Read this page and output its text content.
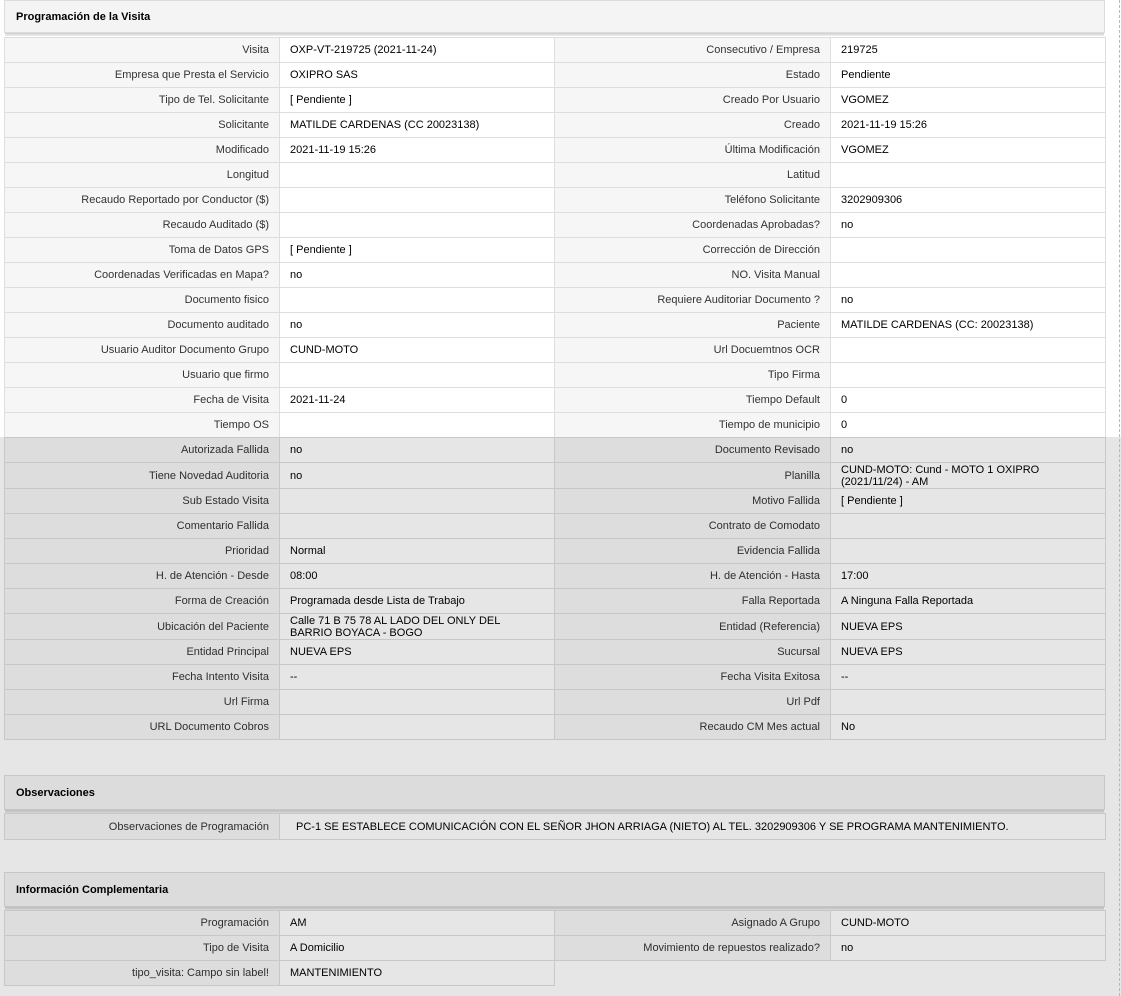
Programación de la Visita
Visita	OXP-VT-219725 (2021-11-24)	Consecutivo / Empresa	219725
Empresa que Presta el Servicio	OXIPRO SAS	Estado	Pendiente
Tipo de Tel. Solicitante	[ Pendiente ]	Creado Por Usuario	VGOMEZ
Solicitante	MATILDE CARDENAS (CC 20023138)	Creado	2021-11-19 15:26
Modificado	2021-11-19 15:26	Última Modificación	VGOMEZ
Longitud		Latitud	
Recaudo Reportado por Conductor ($)		Teléfono Solicitante	3202909306
Recaudo Auditado ($)		Coordenadas Aprobadas?	no
Toma de Datos GPS	[ Pendiente ]	Corrección de Dirección	
Coordenadas Verificadas en Mapa?	no	NO. Visita Manual	
Documento fisico		Requiere Auditoriar Documento ?	no
Documento auditado	no	Paciente	MATILDE CARDENAS (CC: 20023138)
Usuario Auditor Documento Grupo	CUND-MOTO	Url Docuemtnos OCR	
Usuario que firmo		Tipo Firma	
Fecha de Visita	2021-11-24	Tiempo Default	0
Tiempo OS		Tiempo de municipio	0
Autorizada Fallida	no	Documento Revisado	no
Tiene Novedad Auditoria	no	Planilla	CUND-MOTO: Cund - MOTO 1 OXIPRO (2021/11/24) - AM
Sub Estado Visita		Motivo Fallida	[ Pendiente ]
Comentario Fallida		Contrato de Comodato	
Prioridad	Normal	Evidencia Fallida	
H. de Atención - Desde	08:00	H. de Atención - Hasta	17:00
Forma de Creación	Programada desde Lista de Trabajo	Falla Reportada	A Ninguna Falla Reportada
Ubicación del Paciente	Calle 71 B 75 78 AL LADO DEL ONLY DEL BARRIO BOYACA - BOGO	Entidad (Referencia)	NUEVA EPS
Entidad Principal	NUEVA EPS	Sucursal	NUEVA EPS
Fecha Intento Visita	--	Fecha Visita Exitosa	--
Url Firma		Url Pdf	
URL Documento Cobros		Recaudo CM Mes actual	No
Observaciones
Observaciones de Programación	PC-1 SE ESTABLECE COMUNICACIÓN CON EL SEÑOR JHON ARRIAGA (NIETO) AL TEL. 3202909306 Y SE PROGRAMA MANTENIMIENTO.
Información Complementaria
Programación	AM	Asignado A Grupo	CUND-MOTO
Tipo de Visita	A Domicilio	Movimiento de repuestos realizado?	no
tipo_visita: Campo sin label!	MANTENIMIENTO		
